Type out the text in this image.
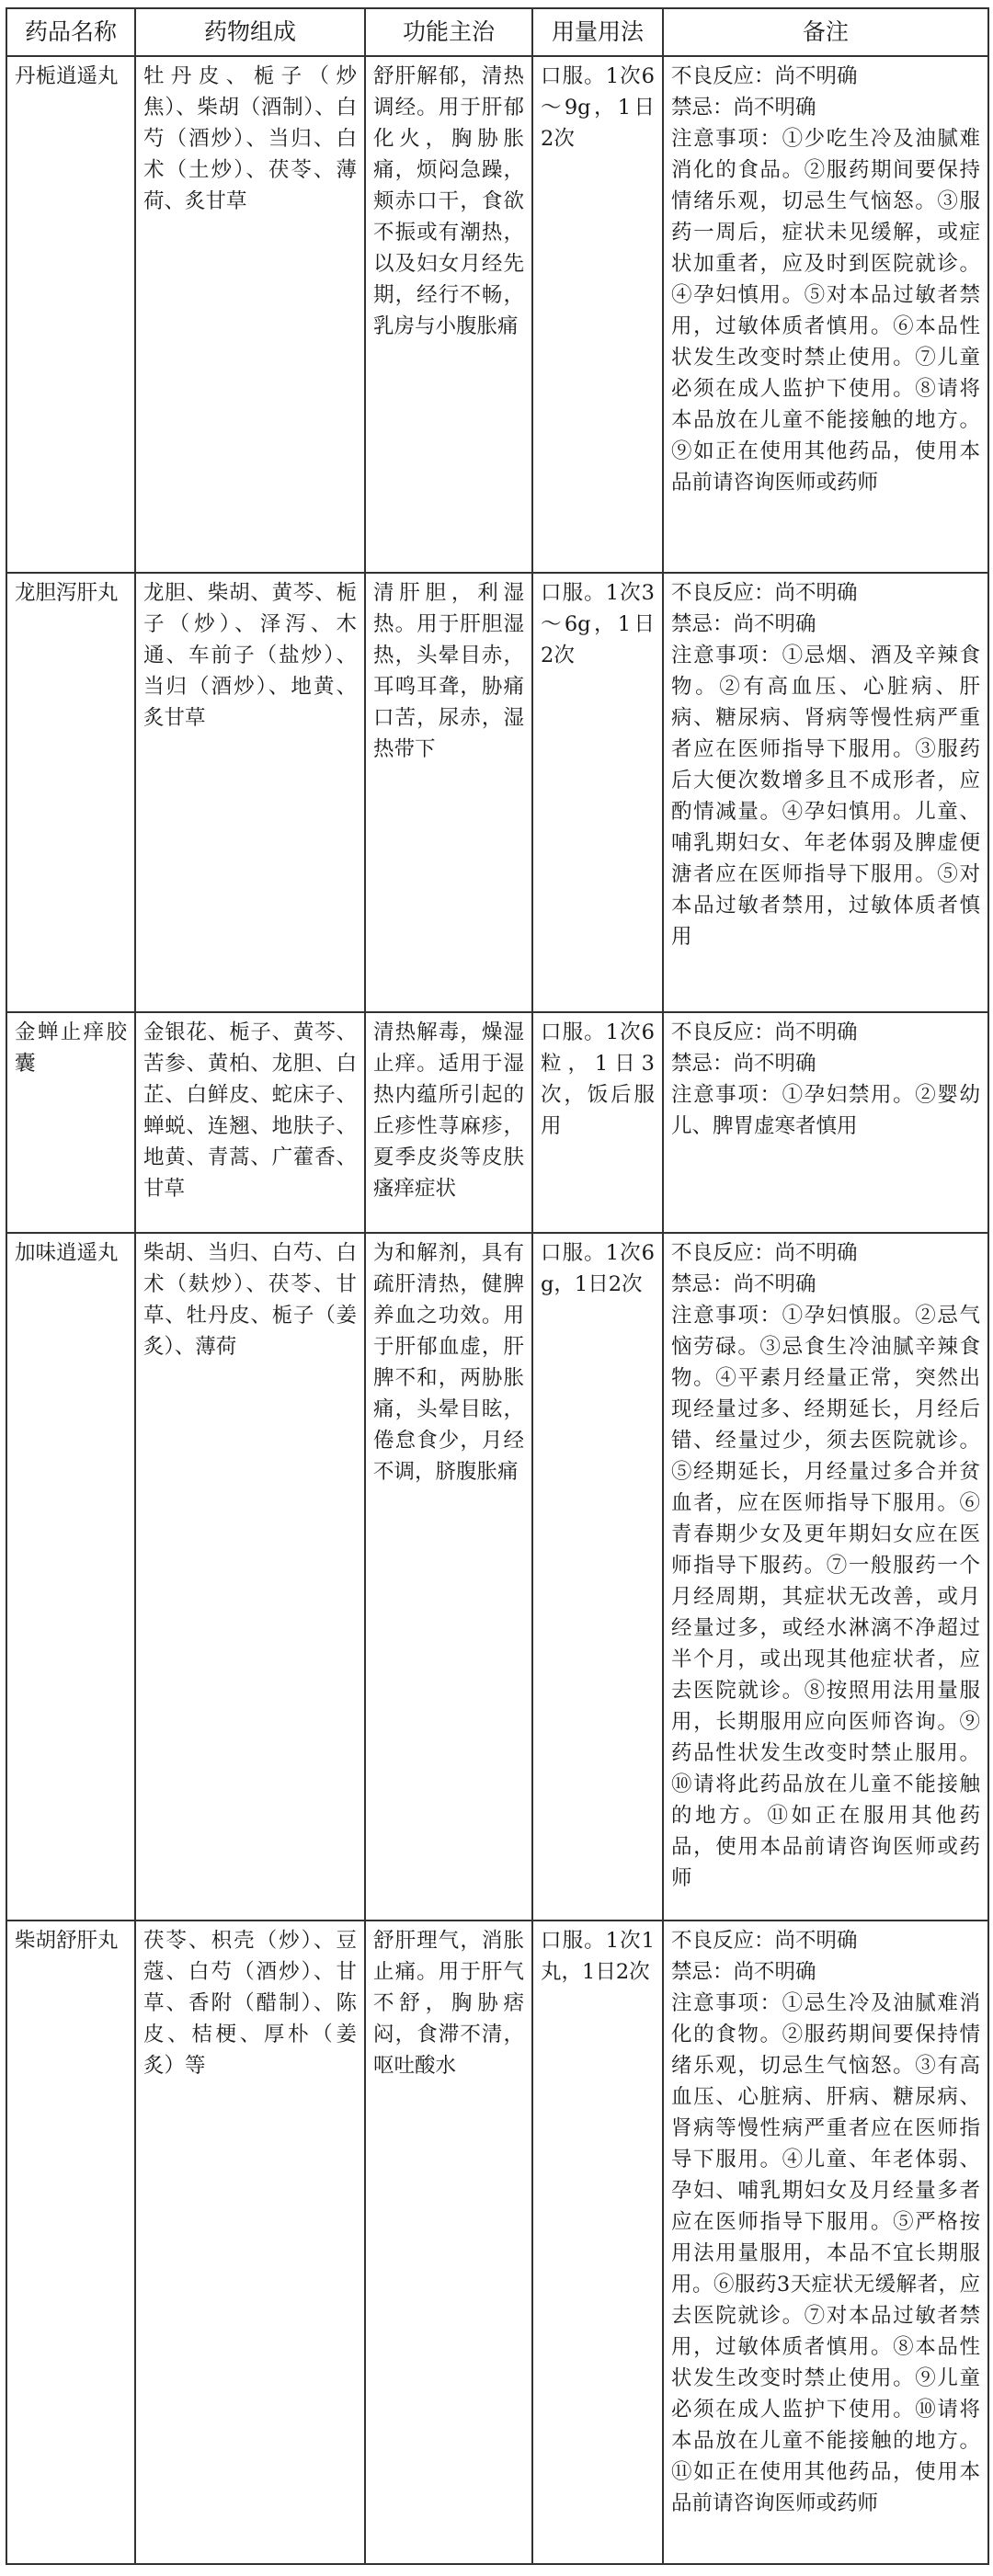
药品名称	药物组成	功能主治	用量用法	备注
丹栀逍遥丸	牡丹皮、栀子（炒焦）、柴胡（酒制）、白芍（酒炒）、当归、白术（土炒）、茯苓、薄荷、炙甘草	舒肝解郁，清热调经。用于肝郁化火，胸胁胀痛，烦闷急躁，颊赤口干，食欲不振或有潮热，以及妇女月经先期，经行不畅，乳房与小腹胀痛	口服。1次6～9g，1日2次	不良反应：尚不明确
禁忌：尚不明确
注意事项：①少吃生冷及油腻难消化的食品。②服药期间要保持情绪乐观，切忌生气恼怒。③服药一周后，症状未见缓解，或症状加重者，应及时到医院就诊。④孕妇慎用。⑤对本品过敏者禁用，过敏体质者慎用。⑥本品性状发生改变时禁止使用。⑦儿童必须在成人监护下使用。⑧请将本品放在儿童不能接触的地方。⑨如正在使用其他药品，使用本品前请咨询医师或药师

龙胆泻肝丸	龙胆、柴胡、黄芩、栀子（炒）、泽泻、木通、车前子（盐炒）、当归（酒炒）、地黄、炙甘草	清肝胆，利湿热。用于肝胆湿热，头晕目赤，耳鸣耳聋，胁痛口苦，尿赤，湿热带下	口服。1次3～6g，1日2次	不良反应：尚不明确
禁忌：尚不明确
注意事项：①忌烟、酒及辛辣食物。②有高血压、心脏病、肝病、糖尿病、肾病等慢性病严重者应在医师指导下服用。③服药后大便次数增多且不成形者，应酌情减量。④孕妇慎用。儿童、哺乳期妇女、年老体弱及脾虚便溏者应在医师指导下服用。⑤对本品过敏者禁用，过敏体质者慎用

金蝉止痒胶囊	金银花、栀子、黄芩、苦参、黄柏、龙胆、白芷、白鲜皮、蛇床子、蝉蜕、连翘、地肤子、地黄、青蒿、广藿香、甘草	清热解毒，燥湿止痒。适用于湿热内蕴所引起的丘疹性荨麻疹，夏季皮炎等皮肤瘙痒症状	口服。1次6粒，1日3次，饭后服用	不良反应：尚不明确
禁忌：尚不明确
注意事项：①孕妇禁用。②婴幼儿、脾胃虚寒者慎用

加味逍遥丸	柴胡、当归、白芍、白术（麸炒）、茯苓、甘草、牡丹皮、栀子（姜炙）、薄荷	为和解剂，具有疏肝清热，健脾养血之功效。用于肝郁血虚，肝脾不和，两胁胀痛，头晕目眩，倦怠食少，月经不调，脐腹胀痛	口服。1次6g，1日2次	不良反应：尚不明确
禁忌：尚不明确
注意事项：①孕妇慎服。②忌气恼劳碌。③忌食生冷油腻辛辣食物。④平素月经量正常，突然出现经量过多、经期延长，月经后错、经量过少，须去医院就诊。⑤经期延长，月经量过多合并贫血者，应在医师指导下服用。⑥青春期少女及更年期妇女应在医师指导下服药。⑦一般服药一个月经周期，其症状无改善，或月经量过多，或经水淋漓不净超过半个月，或出现其他症状者，应去医院就诊。⑧按照用法用量服用，长期服用应向医师咨询。⑨药品性状发生改变时禁止服用。⑩请将此药品放在儿童不能接触的地方。⑪如正在服用其他药品，使用本品前请咨询医师或药师

柴胡舒肝丸	茯苓、枳壳（炒）、豆蔻、白芍（酒炒）、甘草、香附（醋制）、陈皮、桔梗、厚朴（姜炙）等	舒肝理气，消胀止痛。用于肝气不舒，胸胁痞闷，食滞不清，呕吐酸水	口服。1次1丸，1日2次	不良反应：尚不明确
禁忌：尚不明确
注意事项：①忌生冷及油腻难消化的食物。②服药期间要保持情绪乐观，切忌生气恼怒。③有高血压、心脏病、肝病、糖尿病、肾病等慢性病严重者应在医师指导下服用。④儿童、年老体弱、孕妇、哺乳期妇女及月经量多者应在医师指导下服用。⑤严格按用法用量服用，本品不宜长期服用。⑥服药3天症状无缓解者，应去医院就诊。⑦对本品过敏者禁用，过敏体质者慎用。⑧本品性状发生改变时禁止使用。⑨儿童必须在成人监护下使用。⑩请将本品放在儿童不能接触的地方。⑪如正在使用其他药品，使用本品前请咨询医师或药师
